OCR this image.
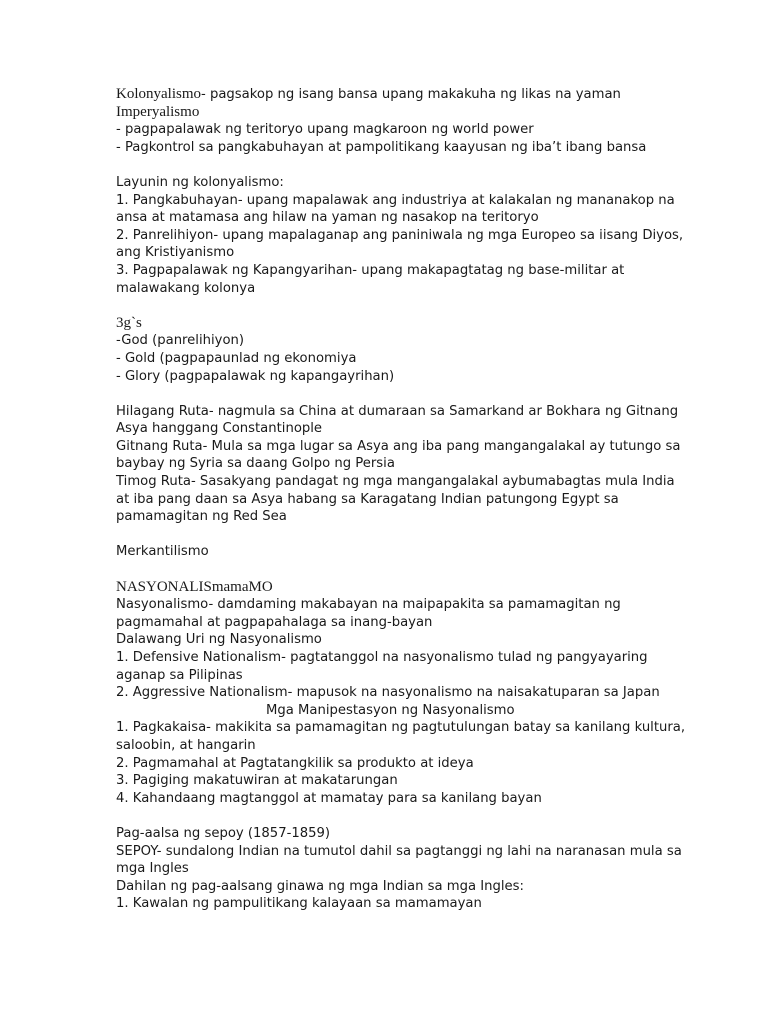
Kolonyalismo- pagsakop ng isang bansa upang makakuha ng likas na yaman
Imperyalismo
- pagpapalawak ng teritoryo upang magkaroon ng world power
- Pagkontrol sa pangkabuhayan at pampolitikang kaayusan ng iba’t ibang bansa
Layunin ng kolonyalismo:
1. Pangkabuhayan- upang mapalawak ang industriya at kalakalan ng mananakop na
ansa at matamasa ang hilaw na yaman ng nasakop na teritoryo
2. Panrelihiyon- upang mapalaganap ang paniniwala ng mga Europeo sa iisang Diyos,
ang Kristiyanismo
3. Pagpapalawak ng Kapangyarihan- upang makapagtatag ng base-militar at
malawakang kolonya
3g`s
-God (panrelihiyon)
- Gold (pagpapaunlad ng ekonomiya
- Glory (pagpapalawak ng kapangayrihan)
Hilagang Ruta- nagmula sa China at dumaraan sa Samarkand ar Bokhara ng Gitnang
Asya hanggang Constantinople
Gitnang Ruta- Mula sa mga lugar sa Asya ang iba pang mangangalakal ay tutungo sa
baybay ng Syria sa daang Golpo ng Persia
Timog Ruta- Sasakyang pandagat ng mga mangangalakal aybumabagtas mula India
at iba pang daan sa Asya habang sa Karagatang Indian patungong Egypt sa
pamamagitan ng Red Sea
Merkantilismo
NASYONALISmamaMO
Nasyonalismo- damdaming makabayan na maipapakita sa pamamagitan ng
pagmamahal at pagpapahalaga sa inang-bayan
Dalawang Uri ng Nasyonalismo
1. Defensive Nationalism- pagtatanggol na nasyonalismo tulad ng pangyayaring
aganap sa Pilipinas
2. Aggressive Nationalism- mapusok na nasyonalismo na naisakatuparan sa Japan
Mga Manipestasyon ng Nasyonalismo
1. Pagkakaisa- makikita sa pamamagitan ng pagtutulungan batay sa kanilang kultura,
saloobin, at hangarin
2. Pagmamahal at Pagtatangkilik sa produkto at ideya
3. Pagiging makatuwiran at makatarungan
4. Kahandaang magtanggol at mamatay para sa kanilang bayan
Pag-aalsa ng sepoy (1857-1859)
SEPOY- sundalong Indian na tumutol dahil sa pagtanggi ng lahi na naranasan mula sa
mga Ingles
Dahilan ng pag-aalsang ginawa ng mga Indian sa mga Ingles:
1. Kawalan ng pampulitikang kalayaan sa mamamayan
